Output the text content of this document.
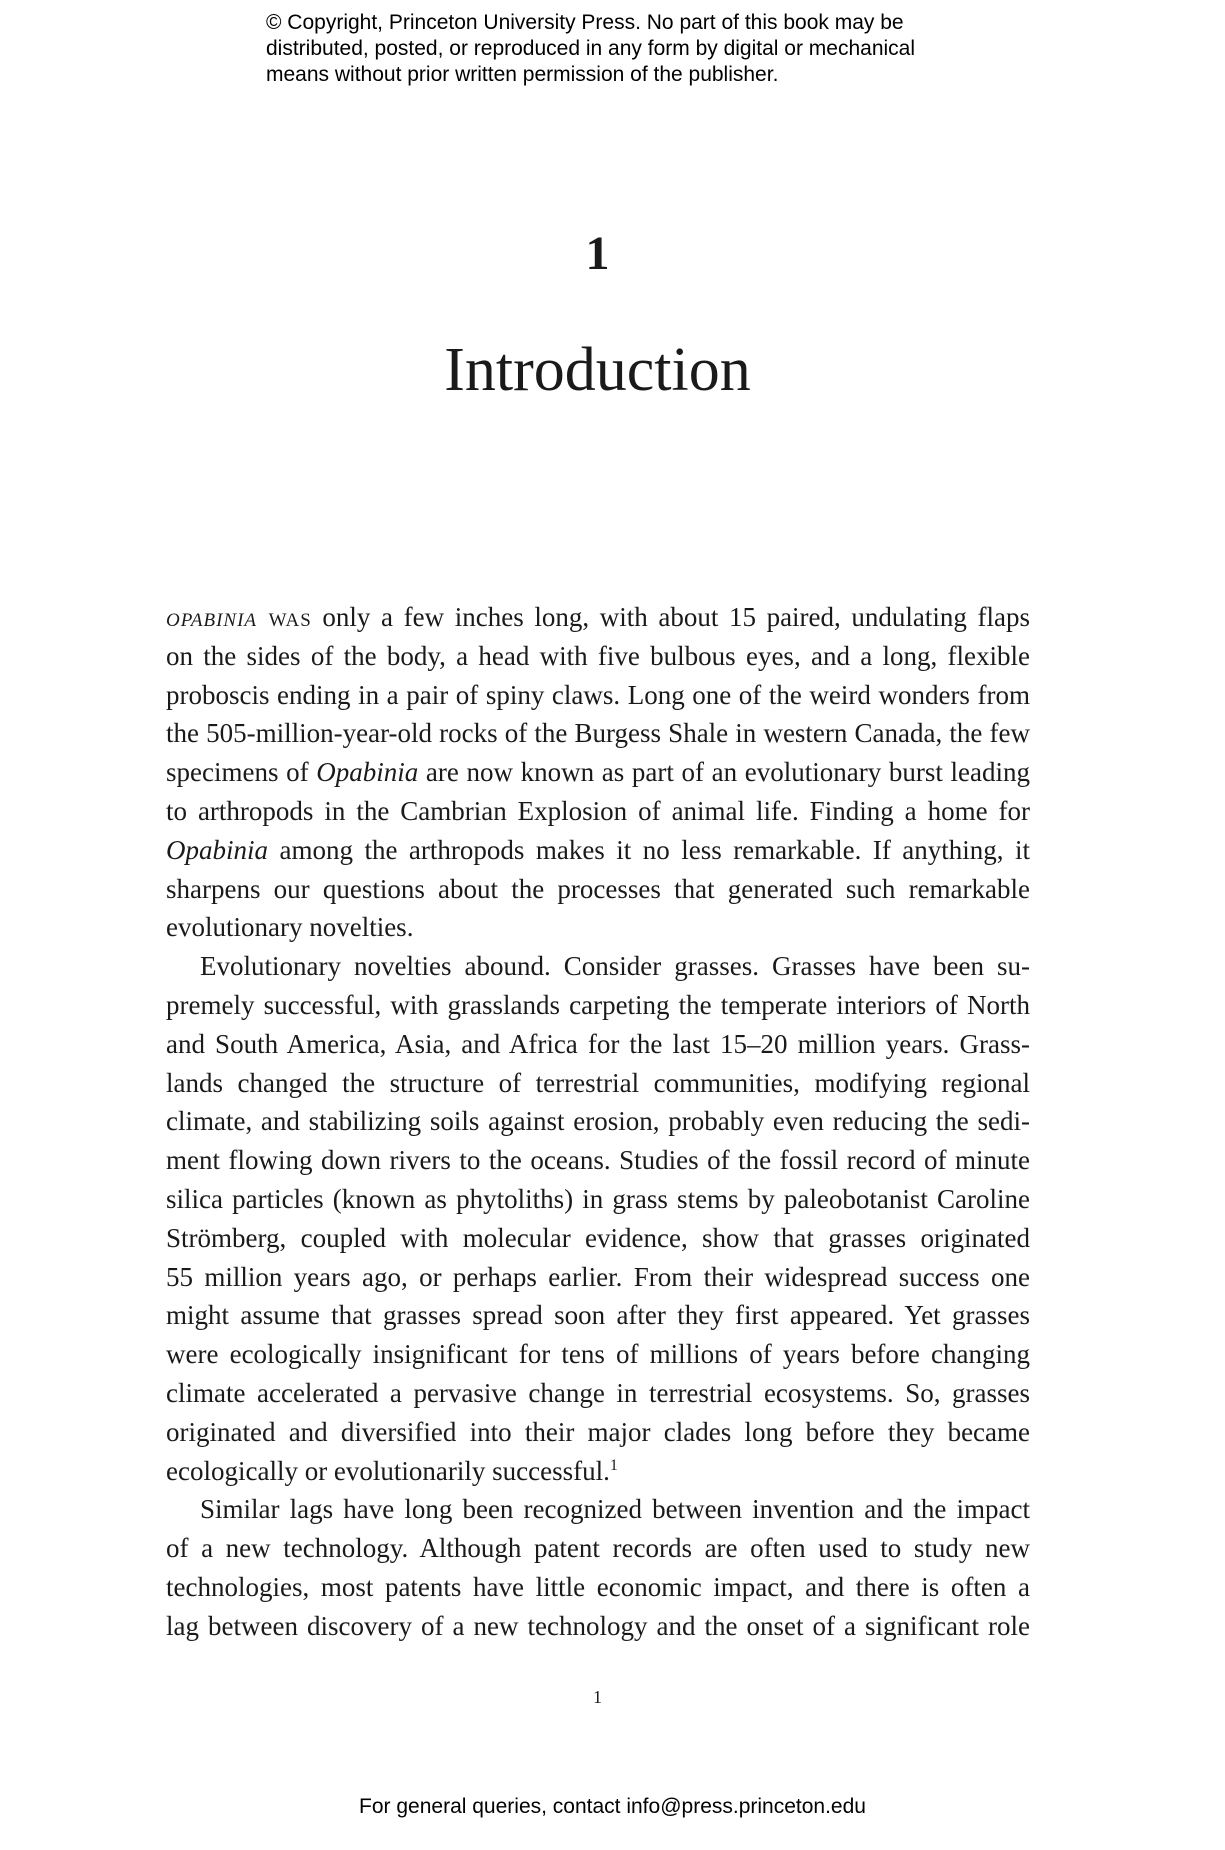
© Copyright, Princeton University Press. No part of this book may be
distributed, posted, or reproduced in any form by digital or mechanical
means without prior written permission of the publisher.
1
Introduction
opabinia was only a few inches long, with about 15 paired, undulating flaps
on the sides of the body, a head with five bulbous eyes, and a long, flexible
proboscis ending in a pair of spiny claws. Long one of the weird wonders from
the 505-million-year-old rocks of the Burgess Shale in western Canada, the few
specimens of Opabinia are now known as part of an evolutionary burst leading
to arthropods in the Cambrian Explosion of animal life. Finding a home for
Opabinia among the arthropods makes it no less remarkable. If anything, it
sharpens our questions about the processes that generated such remarkable
evolutionary novelties.
Evolutionary novelties abound. Consider grasses. Grasses have been su-
premely successful, with grasslands carpeting the temperate interiors of North
and South America, Asia, and Africa for the last 15–20 million years. Grass-
lands changed the structure of terrestrial communities, modifying regional
climate, and stabilizing soils against erosion, probably even reducing the sedi-
ment flowing down rivers to the oceans. Studies of the fossil record of minute
silica particles (known as phytoliths) in grass stems by paleobotanist Caroline
Strömberg, coupled with molecular evidence, show that grasses originated
55 million years ago, or perhaps earlier. From their widespread success one
might assume that grasses spread soon after they first appeared. Yet grasses
were ecologically insignificant for tens of millions of years before changing
climate accelerated a pervasive change in terrestrial ecosystems. So, grasses
originated and diversified into their major clades long before they became
ecologically or evolutionarily successful.$^1$
Similar lags have long been recognized between invention and the impact
of a new technology. Although patent records are often used to study new
technologies, most patents have little economic impact, and there is often a
lag between discovery of a new technology and the onset of a significant role
1
For general queries, contact info@press.princeton.edu
